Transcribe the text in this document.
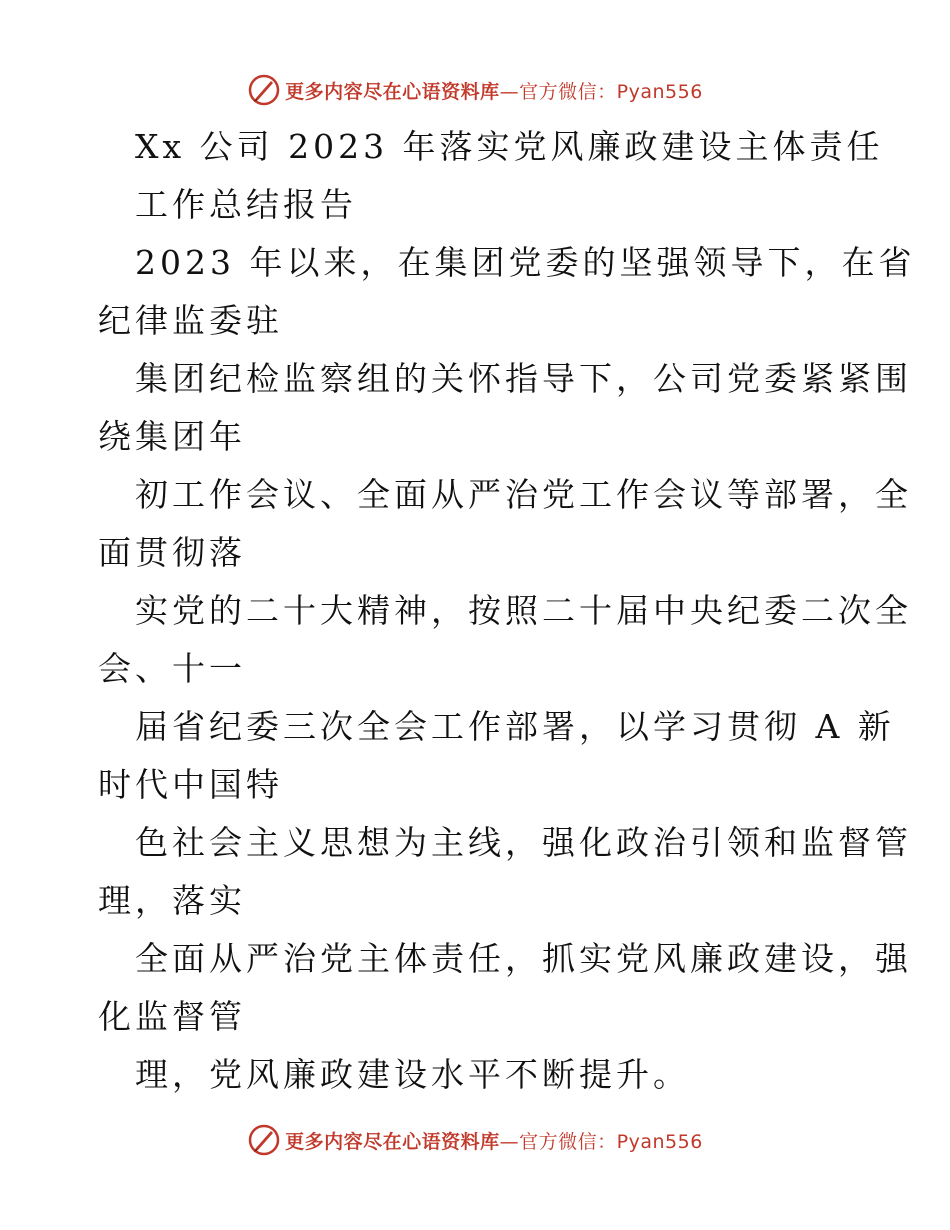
更多内容尽在心语资料库—官方微信：Pyan556
Xx 公司 2023 年落实党风廉政建设主体责任
工作总结报告
2023 年以来，在集团党委的坚强领导下，在省
纪律监委驻
集团纪检监察组的关怀指导下，公司党委紧紧围
绕集团年
初工作会议、全面从严治党工作会议等部署，全
面贯彻落
实党的二十大精神，按照二十届中央纪委二次全
会、十一
届省纪委三次全会工作部署，以学习贯彻 A 新
时代中国特
色社会主义思想为主线，强化政治引领和监督管
理，落实
全面从严治党主体责任，抓实党风廉政建设，强
化监督管
理，党风廉政建设水平不断提升。
更多内容尽在心语资料库—官方微信：Pyan556
